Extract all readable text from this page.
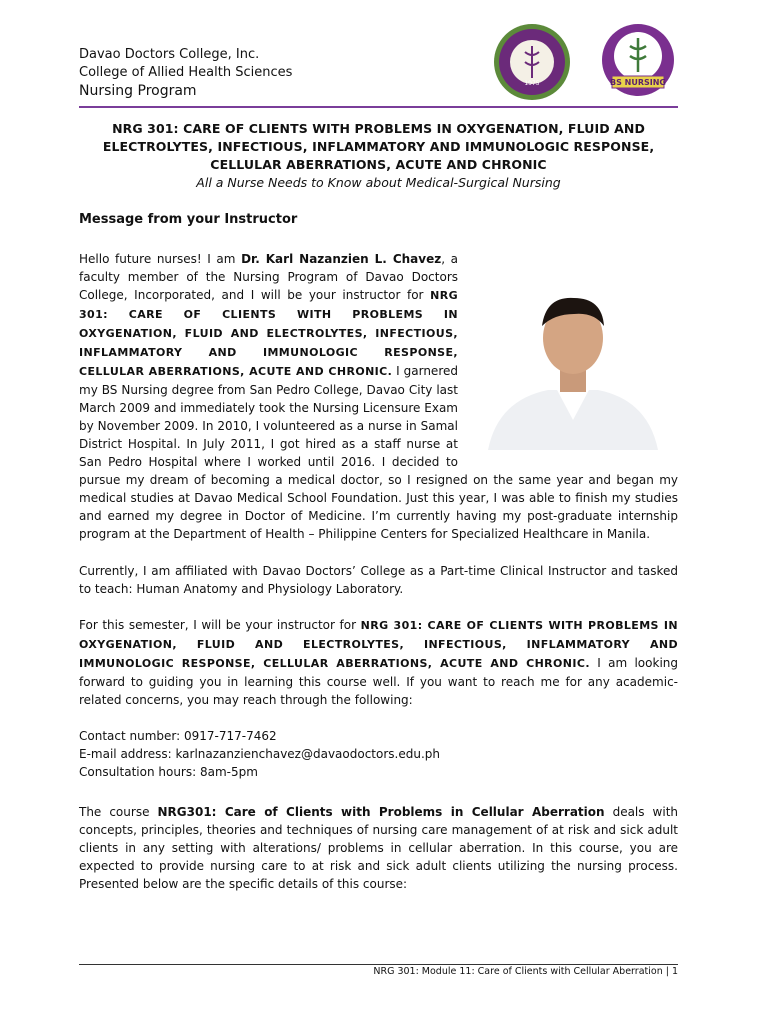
Davao Doctors College, Inc.
College of Allied Health Sciences
Nursing Program	1975	BS NURSING
NRG 301: CARE OF CLIENTS WITH PROBLEMS IN OXYGENATION, FLUID AND
ELECTROLYTES, INFECTIOUS, INFLAMMATORY AND IMMUNOLOGIC RESPONSE,
CELLULAR ABERRATIONS, ACUTE AND CHRONIC
All a Nurse Needs to Know about Medical-Surgical Nursing
Message from your Instructor
Hello future nurses! I am Dr. Karl Nazanzien L. Chavez, a faculty member of the Nursing Program of Davao Doctors College, Incorporated, and I will be your instructor for NRG 301: CARE OF CLIENTS WITH PROBLEMS IN OXYGENATION, FLUID AND ELECTROLYTES, INFECTIOUS, INFLAMMATORY AND IMMUNOLOGIC RESPONSE, CELLULAR ABERRATIONS, ACUTE AND CHRONIC. I garnered my BS Nursing degree from San Pedro College, Davao City last March 2009 and immediately took the Nursing Licensure Exam by November 2009. In 2010, I volunteered as a nurse in Samal District Hospital. In July 2011, I got hired as a staff nurse at San Pedro Hospital where I worked until 2016. I decided to pursue my dream of becoming a medical doctor, so I resigned on the same year and began my medical studies at Davao Medical School Foundation. Just this year, I was able to finish my studies and earned my degree in Doctor of Medicine. I’m currently having my post-graduate internship program at the Department of Health – Philippine Centers for Specialized Healthcare in Manila.

Currently, I am affiliated with Davao Doctors’ College as a Part-time Clinical Instructor and tasked to teach: Human Anatomy and Physiology Laboratory.

For this semester, I will be your instructor for NRG 301: CARE OF CLIENTS WITH PROBLEMS IN OXYGENATION, FLUID AND ELECTROLYTES, INFECTIOUS, INFLAMMATORY AND IMMUNOLOGIC RESPONSE, CELLULAR ABERRATIONS, ACUTE AND CHRONIC. I am looking forward to guiding you in learning this course well. If you want to reach me for any academic-related concerns, you may reach through the following:

Contact number: 0917-717-7462
E-mail address: karlnazanzienchavez@davaodoctors.edu.ph
Consultation hours: 8am-5pm

The course NRG301: Care of Clients with Problems in Cellular Aberration deals with concepts, principles, theories and techniques of nursing care management of at risk and sick adult clients in any setting with alterations/ problems in cellular aberration. In this course, you are expected to provide nursing care to at risk and sick adult clients utilizing the nursing process. Presented below are the specific details of this course:

NRG 301: Module 11: Care of Clients with Cellular Aberration | 1
